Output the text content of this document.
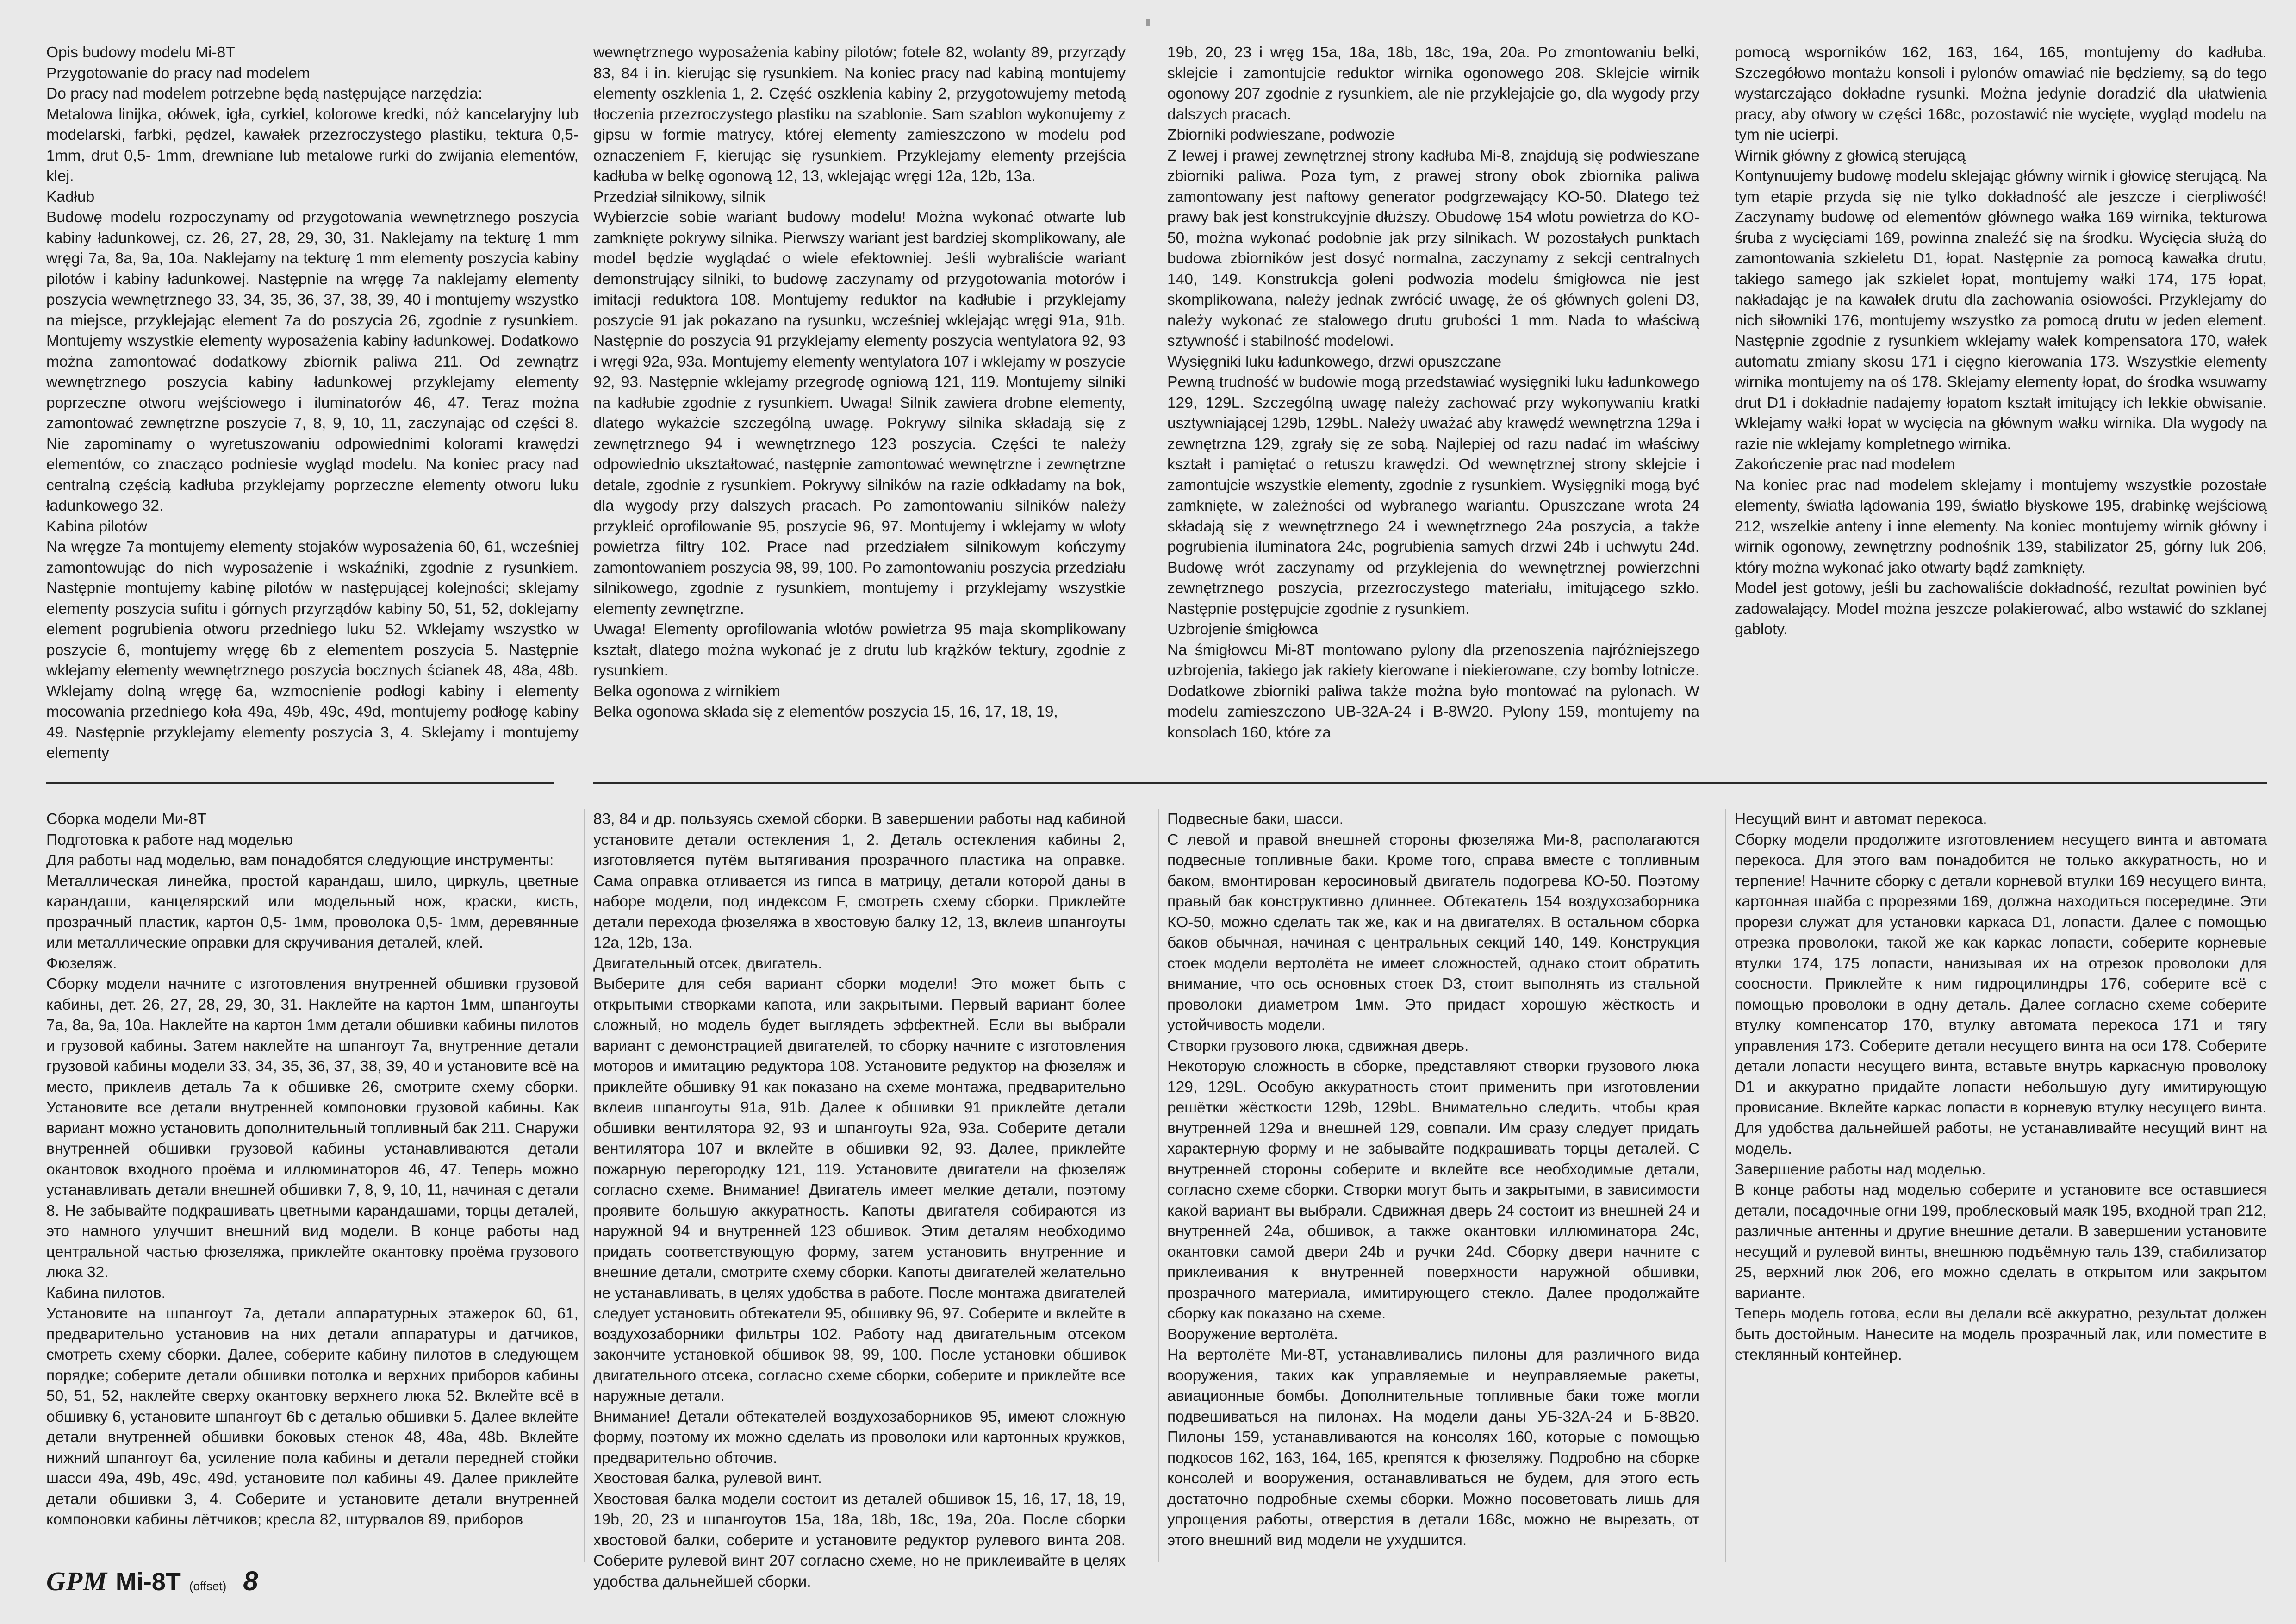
Opis budowy modelu Mi-8T

Przygotowanie do pracy nad modelem

Do pracy nad modelem potrzebne będą następujące narzędzia:

Metalowa linijka, ołówek, igła, cyrkiel, kolorowe kredki, nóż kancelaryjny lub modelarski, farbki, pędzel, kawałek przezroczystego plastiku, tektura 0,5- 1mm, drut 0,5- 1mm, drewniane lub metalowe rurki do zwijania elementów, klej.

Kadłub

Budowę modelu rozpoczynamy od przygotowania wewnętrznego poszycia kabiny ładunkowej, cz. 26, 27, 28, 29, 30, 31. Naklejamy na tekturę 1 mm wręgi 7a, 8a, 9a, 10a. Naklejamy na tekturę 1 mm elementy poszycia kabiny pilotów i kabiny ładunkowej. Następnie na wręgę 7a naklejamy elementy poszycia wewnętrznego 33, 34, 35, 36, 37, 38, 39, 40 i montujemy wszystko na miejsce, przyklejając element 7a do poszycia 26, zgodnie z rysunkiem. Montujemy wszystkie elementy wyposażenia kabiny ładunkowej. Dodatkowo można zamontować dodatkowy zbiornik paliwa 211. Od zewnątrz wewnętrznego poszycia kabiny ładunkowej przyklejamy elementy poprzeczne otworu wejściowego i iluminatorów 46, 47. Teraz można zamontować zewnętrzne poszycie 7, 8, 9, 10, 11, zaczynając od części 8. Nie zapominamy o wyretuszowaniu odpowiednimi kolorami krawędzi elementów, co znacząco podniesie wygląd modelu. Na koniec pracy nad centralną częścią kadłuba przyklejamy poprzeczne elementy otworu luku ładunkowego 32.

Kabina pilotów

Na wręgze 7a montujemy elementy stojaków wyposażenia 60, 61, wcześniej zamontowując do nich wyposażenie i wskaźniki, zgodnie z rysunkiem. Następnie montujemy kabinę pilotów w następującej kolejności; sklejamy elementy poszycia sufitu i górnych przyrządów kabiny 50, 51, 52, doklejamy element pogrubienia otworu przedniego luku 52. Wklejamy wszystko w poszycie 6, montujemy wręgę 6b z elementem poszycia 5. Następnie wklejamy elementy wewnętrznego poszycia bocznych ścianek 48, 48a, 48b. Wklejamy dolną wręgę 6a, wzmocnienie podłogi kabiny i elementy mocowania przedniego koła 49a, 49b, 49c, 49d, montujemy podłogę kabiny 49. Następnie przyklejamy elementy poszycia 3, 4. Sklejamy i montujemy elementy

wewnętrznego wyposażenia kabiny pilotów; fotele 82, wolanty 89, przyrządy 83, 84 i in. kierując się rysunkiem. Na koniec pracy nad kabiną montujemy elementy oszklenia 1, 2. Część oszklenia kabiny 2, przygotowujemy metodą tłoczenia przezroczystego plastiku na szablonie. Sam szablon wykonujemy z gipsu w formie matrycy, której elementy zamieszczono w modelu pod oznaczeniem F, kierując się rysunkiem. Przyklejamy elementy przejścia kadłuba w belkę ogonową 12, 13, wklejając wręgi 12a, 12b, 13a.

Przedział silnikowy, silnik

Wybierzcie sobie wariant budowy modelu! Można wykonać otwarte lub zamknięte pokrywy silnika. Pierwszy wariant jest bardziej skomplikowany, ale model będzie wyglądać o wiele efektowniej. Jeśli wybraliście wariant demonstrujący silniki, to budowę zaczynamy od przygotowania motorów i imitacji reduktora 108. Montujemy reduktor na kadłubie i przyklejamy poszycie 91 jak pokazano na rysunku, wcześniej wklejając wręgi 91a, 91b. Następnie do poszycia 91 przyklejamy elementy poszycia wentylatora 92, 93 i wręgi 92a, 93a. Montujemy elementy wentylatora 107 i wklejamy w poszycie 92, 93. Następnie wklejamy przegrodę ogniową 121, 119. Montujemy silniki na kadłubie zgodnie z rysunkiem. Uwaga! Silnik zawiera drobne elementy, dlatego wykażcie szczególną uwagę. Pokrywy silnika składają się z zewnętrznego 94 i wewnętrznego 123 poszycia. Części te należy odpowiednio ukształtować, następnie zamontować wewnętrzne i zewnętrzne detale, zgodnie z rysunkiem. Pokrywy silników na razie odkładamy na bok, dla wygody przy dalszych pracach. Po zamontowaniu silników należy przykleić oprofilowanie 95, poszycie 96, 97. Montujemy i wklejamy w wloty powietrza filtry 102. Prace nad przedziałem silnikowym kończymy zamontowaniem poszycia 98, 99, 100. Po zamontowaniu poszycia przedziału silnikowego, zgodnie z rysunkiem, montujemy i przyklejamy wszystkie elementy zewnętrzne.

Uwaga! Elementy oprofilowania wlotów powietrza 95 maja skomplikowany kształt, dlatego można wykonać je z drutu lub krążków tektury, zgodnie z rysunkiem.

Belka ogonowa z wirnikiem

Belka ogonowa składa się z elementów poszycia 15, 16, 17, 18, 19,

19b, 20, 23 i wręg 15a, 18a, 18b, 18c, 19a, 20a. Po zmontowaniu belki, sklejcie i zamontujcie reduktor wirnika ogonowego 208. Sklejcie wirnik ogonowy 207 zgodnie z rysunkiem, ale nie przyklejajcie go, dla wygody przy dalszych pracach.

Zbiorniki podwieszane, podwozie

Z lewej i prawej zewnętrznej strony kadłuba Mi-8, znajdują się podwieszane zbiorniki paliwa. Poza tym, z prawej strony obok zbiornika paliwa zamontowany jest naftowy generator podgrzewający KO-50. Dlatego też prawy bak jest konstrukcyjnie dłuższy. Obudowę 154 wlotu powietrza do KO-50, można wykonać podobnie jak przy silnikach. W pozostałych punktach budowa zbiorników jest dosyć normalna, zaczynamy z sekcji centralnych 140, 149. Konstrukcja goleni podwozia modelu śmigłowca nie jest skomplikowana, należy jednak zwrócić uwagę, że oś głównych goleni D3, należy wykonać ze stalowego drutu grubości 1 mm. Nada to właściwą sztywność i stabilność modelowi.

Wysięgniki luku ładunkowego, drzwi opuszczane

Pewną trudność w budowie mogą przedstawiać wysięgniki luku ładunkowego 129, 129L. Szczególną uwagę należy zachować przy wykonywaniu kratki usztywniającej 129b, 129bL. Należy uważać aby krawędź wewnętrzna 129a i zewnętrzna 129, zgrały się ze sobą. Najlepiej od razu nadać im właściwy kształt i pamiętać o retuszu krawędzi. Od wewnętrznej strony sklejcie i zamontujcie wszystkie elementy, zgodnie z rysunkiem. Wysięgniki mogą być zamknięte, w zależności od wybranego wariantu. Opuszczane wrota 24 składają się z wewnętrznego 24 i wewnętrznego 24a poszycia, a także pogrubienia iluminatora 24c, pogrubienia samych drzwi 24b i uchwytu 24d. Budowę wrót zaczynamy od przyklejenia do wewnętrznej powierzchni zewnętrznego poszycia, przezroczystego materiału, imitującego szkło. Następnie postępujcie zgodnie z rysunkiem.

Uzbrojenie śmigłowca

Na śmigłowcu Mi-8T montowano pylony dla przenoszenia najróżniejszego uzbrojenia, takiego jak rakiety kierowane i niekierowane, czy bomby lotnicze. Dodatkowe zbiorniki paliwa także można było montować na pylonach. W modelu zamieszczono UB-32A-24 i B-8W20. Pylony 159, montujemy na konsolach 160, które za

pomocą wsporników 162, 163, 164, 165, montujemy do kadłuba. Szczegółowo montażu konsoli i pylonów omawiać nie będziemy, są do tego wystarczająco dokładne rysunki. Można jedynie doradzić dla ułatwienia pracy, aby otwory w części 168c, pozostawić nie wycięte, wygląd modelu na tym nie ucierpi.

Wirnik główny z głowicą sterującą

Kontynuujemy budowę modelu sklejając główny wirnik i głowicę sterującą. Na tym etapie przyda się nie tylko dokładność ale jeszcze i cierpliwość! Zaczynamy budowę od elementów głównego wałka 169 wirnika, tekturowa śruba z wycięciami 169, powinna znaleźć się na środku. Wycięcia służą do zamontowania szkieletu D1, łopat. Następnie za pomocą kawałka drutu, takiego samego jak szkielet łopat, montujemy wałki 174, 175 łopat, nakładając je na kawałek drutu dla zachowania osiowości. Przyklejamy do nich siłowniki 176, montujemy wszystko za pomocą drutu w jeden element. Następnie zgodnie z rysunkiem wklejamy wałek kompensatora 170, wałek automatu zmiany skosu 171 i cięgno kierowania 173. Wszystkie elementy wirnika montujemy na oś 178. Sklejamy elementy łopat, do środka wsuwamy drut D1 i dokładnie nadajemy łopatom kształt imitujący ich lekkie obwisanie. Wklejamy wałki łopat w wycięcia na głównym wałku wirnika. Dla wygody na razie nie wklejamy kompletnego wirnika.

Zakończenie prac nad modelem

Na koniec prac nad modelem sklejamy i montujemy wszystkie pozostałe elementy, światła lądowania 199, światło błyskowe 195, drabinkę wejściową 212, wszelkie anteny i inne elementy. Na koniec montujemy wirnik główny i wirnik ogonowy, zewnętrzny podnośnik 139, stabilizator 25, górny luk 206, który można wykonać jako otwarty bądź zamknięty.

Model jest gotowy, jeśli bu zachowaliście dokładność, rezultat powinien być zadowalający. Model można jeszcze polakierować, albo wstawić do szklanej gabloty.

Сборка модели Ми-8Т

Подготовка к работе над моделью

Для работы над моделью, вам понадобятся следующие инструменты:

Металлическая линейка, простой карандаш, шило, циркуль, цветные карандаши, канцелярский или модельный нож, краски, кисть, прозрачный пластик, картон 0,5- 1мм, проволока 0,5- 1мм, деревянные или металлические оправки для скручивания деталей, клей.

Фюзеляж.

Сборку модели начните с изготовления внутренней обшивки грузовой кабины, дет. 26, 27, 28, 29, 30, 31. Наклейте на картон 1мм, шпангоуты 7а, 8а, 9а, 10а. Наклейте на картон 1мм детали обшивки кабины пилотов и грузовой кабины. Затем наклейте на шпангоут 7а, внутренние детали грузовой кабины модели 33, 34, 35, 36, 37, 38, 39, 40 и установите всё на место, приклеив деталь 7а к обшивке 26, смотрите схему сборки. Установите все детали внутренней компоновки грузовой кабины. Как вариант можно установить дополнительный топливный бак 211. Снаружи внутренней обшивки грузовой кабины устанавливаются детали окантовок входного проёма и иллюминаторов 46, 47. Теперь можно устанавливать детали внешней обшивки 7, 8, 9, 10, 11, начиная с детали 8. Не забывайте подкрашивать цветными карандашами, торцы деталей, это намного улучшит внешний вид модели. В конце работы над центральной частью фюзеляжа, приклейте окантовку проёма грузового люка 32.

Кабина пилотов.

Установите на шпангоут 7а, детали аппаратурных этажерок 60, 61, предварительно установив на них детали аппаратуры и датчиков, смотреть схему сборки. Далее, соберите кабину пилотов в следующем порядке; соберите детали обшивки потолка и верхних приборов кабины 50, 51, 52, наклейте сверху окантовку верхнего люка 52. Вклейте всё в обшивку 6, установите шпангоут 6b с деталью обшивки 5. Далее вклейте детали внутренней обшивки боковых стенок 48, 48а, 48b. Вклейте нижний шпангоут 6а, усиление пола кабины и детали передней стойки шасси 49а, 49b, 49с, 49d, установите пол кабины 49. Далее приклейте детали обшивки 3, 4. Соберите и установите детали внутренней компоновки кабины лётчиков; кресла 82, штурвалов 89, приборов

83, 84 и др. пользуясь схемой сборки. В завершении работы над кабиной установите детали остекления 1, 2. Деталь остекления кабины 2, изготовляется путём вытягивания прозрачного пластика на оправке. Сама оправка отливается из гипса в матрицу, детали которой даны в наборе модели, под индексом F, смотреть схему сборки. Приклейте детали перехода фюзеляжа в хвостовую балку 12, 13, вклеив шпангоуты 12а, 12b, 13а.

Двигательный отсек, двигатель.

Выберите для себя вариант сборки модели! Это может быть с открытыми створками капота, или закрытыми. Первый вариант более сложный, но модель будет выглядеть эффектней. Если вы выбрали вариант с демонстрацией двигателей, то сборку начните с изготовления моторов и имитацию редуктора 108. Установите редуктор на фюзеляж и приклейте обшивку 91 как показано на схеме монтажа, предварительно вклеив шпангоуты 91а, 91b. Далее к обшивки 91 приклейте детали обшивки вентилятора 92, 93 и шпангоуты 92а, 93а. Соберите детали вентилятора 107 и вклейте в обшивки 92, 93. Далее, приклейте пожарную перегородку 121, 119. Установите двигатели на фюзеляж согласно схеме. Внимание! Двигатель имеет мелкие детали, поэтому проявите большую аккуратность. Капоты двигателя собираются из наружной 94 и внутренней 123 обшивок. Этим деталям необходимо придать соответствующую форму, затем установить внутренние и внешние детали, смотрите схему сборки. Капоты двигателей желательно не устанавливать, в целях удобства в работе. После монтажа двигателей следует установить обтекатели 95, обшивку 96, 97. Соберите и вклейте в воздухозаборники фильтры 102. Работу над двигательным отсеком закончите установкой обшивок 98, 99, 100. После установки обшивок двигательного отсека, согласно схеме сборки, соберите и приклейте все наружные детали.

Внимание! Детали обтекателей воздухозаборников 95, имеют сложную форму, поэтому их можно сделать из проволоки или картонных кружков, предварительно обточив.

Хвостовая балка, рулевой винт.

Хвостовая балка модели состоит из деталей обшивок 15, 16, 17, 18, 19, 19b, 20, 23 и шпангоутов 15а, 18а, 18b, 18с, 19а, 20а. После сборки хвостовой балки, соберите и установите редуктор рулевого винта 208. Соберите рулевой винт 207 согласно схеме, но не приклеивайте в целях удобства дальнейшей сборки.

Подвесные баки, шасси.

С левой и правой внешней стороны фюзеляжа Ми-8, располагаются подвесные топливные баки. Кроме того, справа вместе с топливным баком, вмонтирован керосиновый двигатель подогрева КО-50. Поэтому правый бак конструктивно длиннее. Обтекатель 154 воздухозаборника КО-50, можно сделать так же, как и на двигателях. В остальном сборка баков обычная, начиная с центральных секций 140, 149. Конструкция стоек модели вертолёта не имеет сложностей, однако стоит обратить внимание, что ось основных стоек D3, стоит выполнять из стальной проволоки диаметром 1мм. Это придаст хорошую жёсткость и устойчивость модели.

Створки грузового люка, сдвижная дверь.

Некоторую сложность в сборке, представляют створки грузового люка 129, 129L. Особую аккуратность стоит применить при изготовлении решётки жёсткости 129b, 129bL. Внимательно следить, чтобы края внутренней 129а и внешней 129, совпали. Им сразу следует придать характерную форму и не забывайте подкрашивать торцы деталей. С внутренней стороны соберите и вклейте все необходимые детали, согласно схеме сборки. Створки могут быть и закрытыми, в зависимости какой вариант вы выбрали. Сдвижная дверь 24 состоит из внешней 24 и внутренней 24а, обшивок, а также окантовки иллюминатора 24с, окантовки самой двери 24b и ручки 24d. Сборку двери начните с приклеивания к внутренней поверхности наружной обшивки, прозрачного материала, имитирующего стекло. Далее продолжайте сборку как показано на схеме.

Вооружение вертолёта.

На вертолёте Ми-8Т, устанавливались пилоны для различного вида вооружения, таких как управляемые и неуправляемые ракеты, авиационные бомбы. Дополнительные топливные баки тоже могли подвешиваться на пилонах. На модели даны УБ-32А-24 и Б-8В20. Пилоны 159, устанавливаются на консолях 160, которые с помощью подкосов 162, 163, 164, 165, крепятся к фюзеляжу. Подробно на сборке консолей и вооружения, останавливаться не будем, для этого есть достаточно подробные схемы сборки. Можно посоветовать лишь для упрощения работы, отверстия в детали 168с, можно не вырезать, от этого внешний вид модели не ухудшится.

Несущий винт и автомат перекоса.

Сборку модели продолжите изготовлением несущего винта и автомата перекоса. Для этого вам понадобится не только аккуратность, но и терпение! Начните сборку с детали корневой втулки 169 несущего винта, картонная шайба с прорезями 169, должна находиться посередине. Эти прорези служат для установки каркаса D1, лопасти. Далее с помощью отрезка проволоки, такой же как каркас лопасти, соберите корневые втулки 174, 175 лопасти, нанизывая их на отрезок проволоки для соосности. Приклейте к ним гидроцилиндры 176, соберите всё с помощью проволоки в одну деталь. Далее согласно схеме соберите втулку компенсатор 170, втулку автомата перекоса 171 и тягу управления 173. Соберите детали несущего винта на оси 178. Соберите детали лопасти несущего винта, вставьте внутрь каркасную проволоку D1 и аккуратно придайте лопасти небольшую дугу имитирующую провисание. Вклейте каркас лопасти в корневую втулку несущего винта. Для удобства дальнейшей работы, не устанавливайте несущий винт на модель.

Завершение работы над моделью.

В конце работы над моделью соберите и установите все оставшиеся детали, посадочные огни 199, проблесковый маяк 195, входной трап 212, различные антенны и другие внешние детали. В завершении установите несущий и рулевой винты, внешнюю подъёмную таль 139, стабилизатор 25, верхний люк 206, его можно сделать в открытом или закрытом варианте.

Теперь модель готова, если вы делали всё аккуратно, результат должен быть достойным. Нанесите на модель прозрачный лак, или поместите в стеклянный контейнер.

GPM Mi-8T (offset) 8
